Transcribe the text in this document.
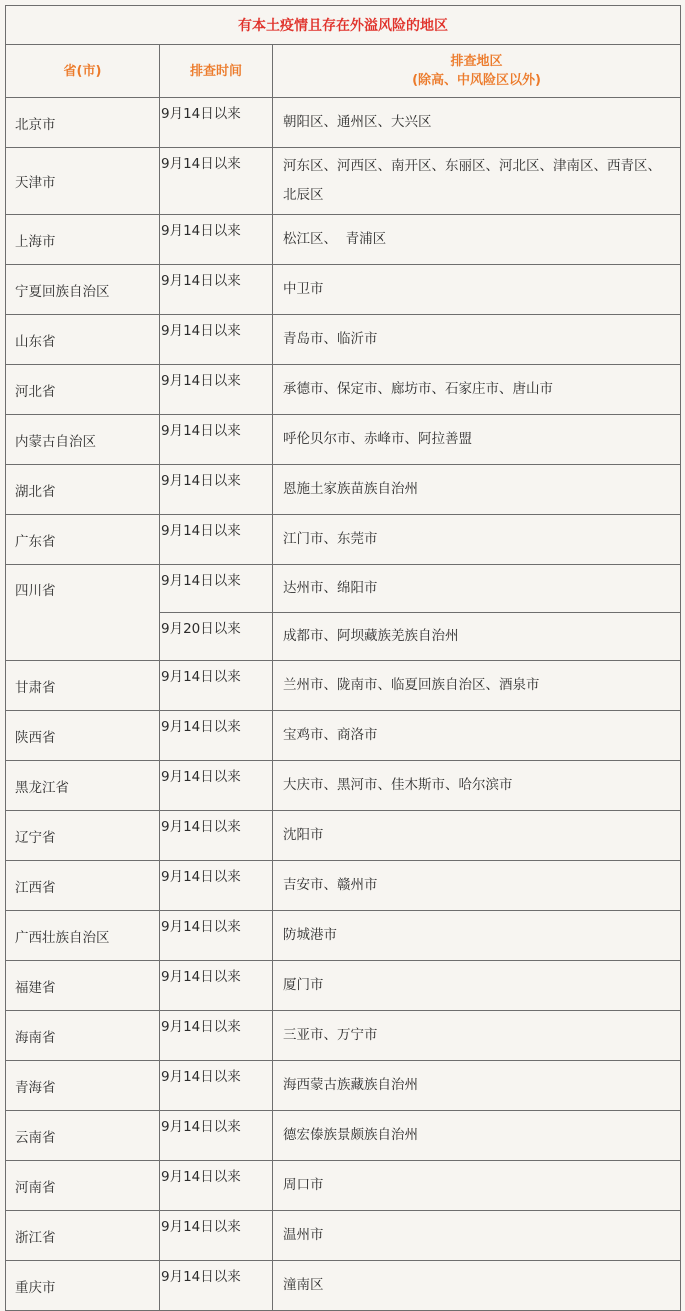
有本土疫情且存在外溢风险的地区		
省(市)	排查时间	排查地区
(除高、中风险区以外)
北京市	9月14日以来	朝阳区、通州区、大兴区
天津市	9月14日以来	河东区、河西区、南开区、东丽区、河北区、津南区、西青区、北辰区
上海市	9月14日以来	松江区、  青浦区
宁夏回族自治区	9月14日以来	中卫市
山东省	9月14日以来	青岛市、临沂市
河北省	9月14日以来	承德市、保定市、廊坊市、石家庄市、唐山市
内蒙古自治区	9月14日以来	呼伦贝尔市、赤峰市、阿拉善盟
湖北省	9月14日以来	恩施土家族苗族自治州
广东省	9月14日以来	江门市、东莞市
四川省	9月14日以来	达州市、绵阳市
	9月20日以来	成都市、阿坝藏族羌族自治州
甘肃省	9月14日以来	兰州市、陇南市、临夏回族自治区、酒泉市
陕西省	9月14日以来	宝鸡市、商洛市
黑龙江省	9月14日以来	大庆市、黑河市、佳木斯市、哈尔滨市
辽宁省	9月14日以来	沈阳市
江西省	9月14日以来	吉安市、赣州市
广西壮族自治区	9月14日以来	防城港市
福建省	9月14日以来	厦门市
海南省	9月14日以来	三亚市、万宁市
青海省	9月14日以来	海西蒙古族藏族自治州
云南省	9月14日以来	德宏傣族景颇族自治州
河南省	9月14日以来	周口市
浙江省	9月14日以来	温州市
重庆市	9月14日以来	潼南区
